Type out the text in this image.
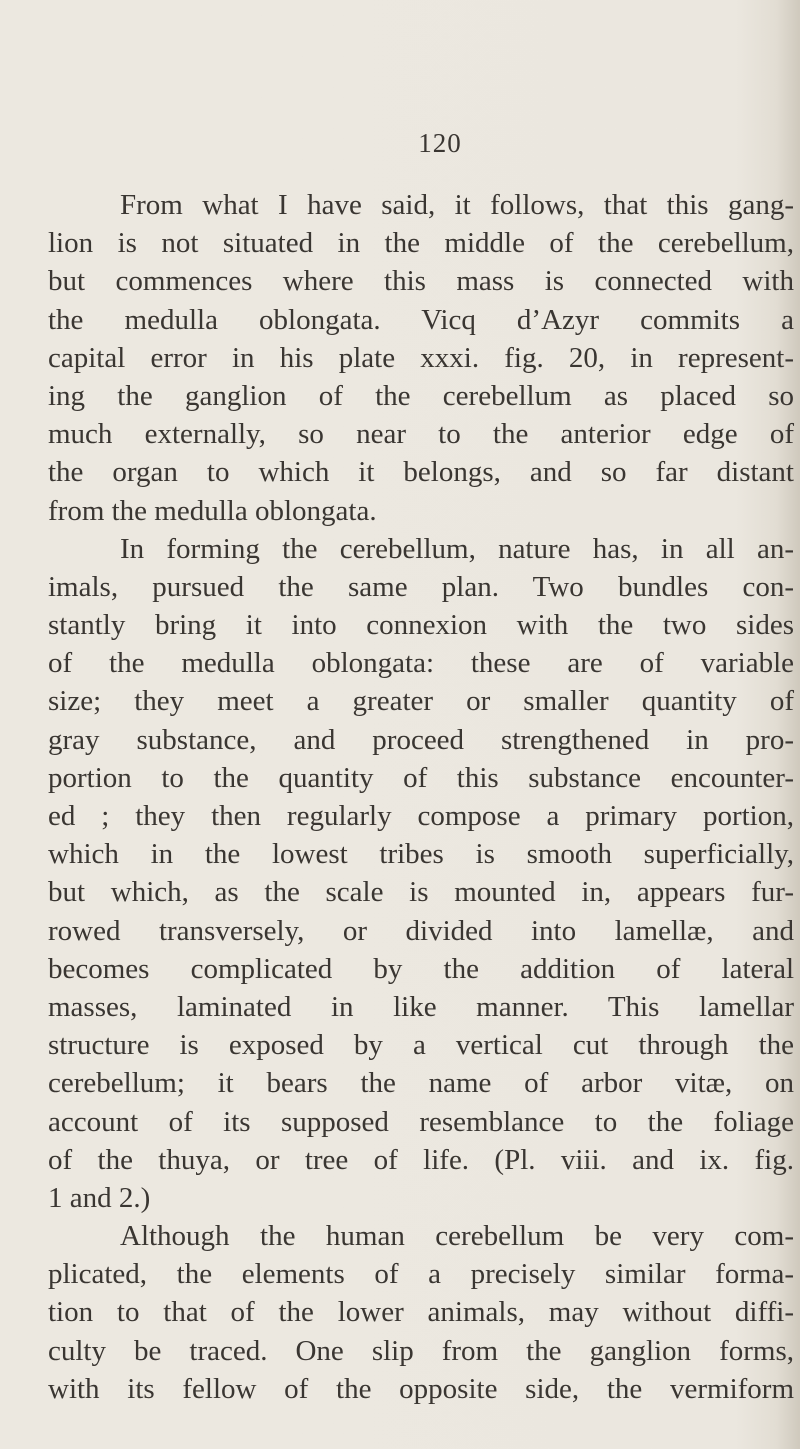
120
From what I have said, it follows, that this gang-
lion is not situated in the middle of the cerebellum,
but commences where this mass is connected with
the medulla oblongata. Vicq d’Azyr commits a
capital error in his plate xxxi. fig. 20, in represent-
ing the ganglion of the cerebellum as placed so
much externally, so near to the anterior edge of
the organ to which it belongs, and so far distant
from the medulla oblongata.
In forming the cerebellum, nature has, in all an-
imals, pursued the same plan. Two bundles con-
stantly bring it into connexion with the two sides
of the medulla oblongata: these are of variable
size; they meet a greater or smaller quantity of
gray substance, and proceed strengthened in pro-
portion to the quantity of this substance encounter-
ed ; they then regularly compose a primary portion,
which in the lowest tribes is smooth superficially,
but which, as the scale is mounted in, appears fur-
rowed transversely, or divided into lamellæ, and
becomes complicated by the addition of lateral
masses, laminated in like manner. This lamellar
structure is exposed by a vertical cut through the
cerebellum; it bears the name of arbor vitæ, on
account of its supposed resemblance to the foliage
of the thuya, or tree of life. (Pl. viii. and ix. fig.
1 and 2.)
Although the human cerebellum be very com-
plicated, the elements of a precisely similar forma-
tion to that of the lower animals, may without diffi-
culty be traced. One slip from the ganglion forms,
with its fellow of the opposite side, the vermiform
